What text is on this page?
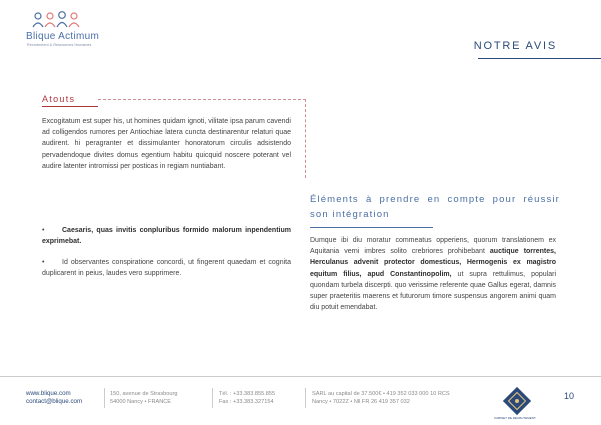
Blique Actimum
Recrutement & Ressources Humaines	NOTRE AVIS
Atouts
Excogitatum est super his, ut homines quidam ignoti, vilitate ipsa parum cavendi ad colligendos rumores per Antiochiae latera cuncta destinarentur relaturi quae audirent. hi peragranter et dissimulanter honoratorum circulis adsistendo pervadendoque divites domus egentium habitu quicquid noscere poterant vel audire latenter intromissi per posticas in regiam nuntiabant.
•	Caesaris, quas invitis conpluribus formido malorum inpendentium exprimebat.
•	Id observantes conspiratione concordi, ut fingerent quaedam et cognita duplicarent in peius, laudes vero supprimere.
Éléments à prendre en compte pour réussir son intégration
Dumque ibi diu moratur commeatus opperiens, quorum translationem ex Aquitania verni imbres solito crebriores prohibebant auctique torrentes, Herculanus advenit protector domesticus, Hermogenis ex magistro equitum filius, apud Constantinopolim, ut supra rettulimus, populari quondam turbela discerpti. quo verissime referente quae Gallus egerat, damnis super praeteritis maerens et futurorum timore suspensus angorem animi quam diu potuit emendabat.
www.blique.com
contact@blique.com
150, avenue de Strasbourg
54000 Nancy • FRANCE
Tél. : +33.383.855.855
Fax : +33.383.327154
SARL au capital de 37.500€ • 419 352 033 000 10 RCS
Nancy • 7022Z • Nll FR 26 419 357 032
CABINET DE RECRUTEMENT
10
